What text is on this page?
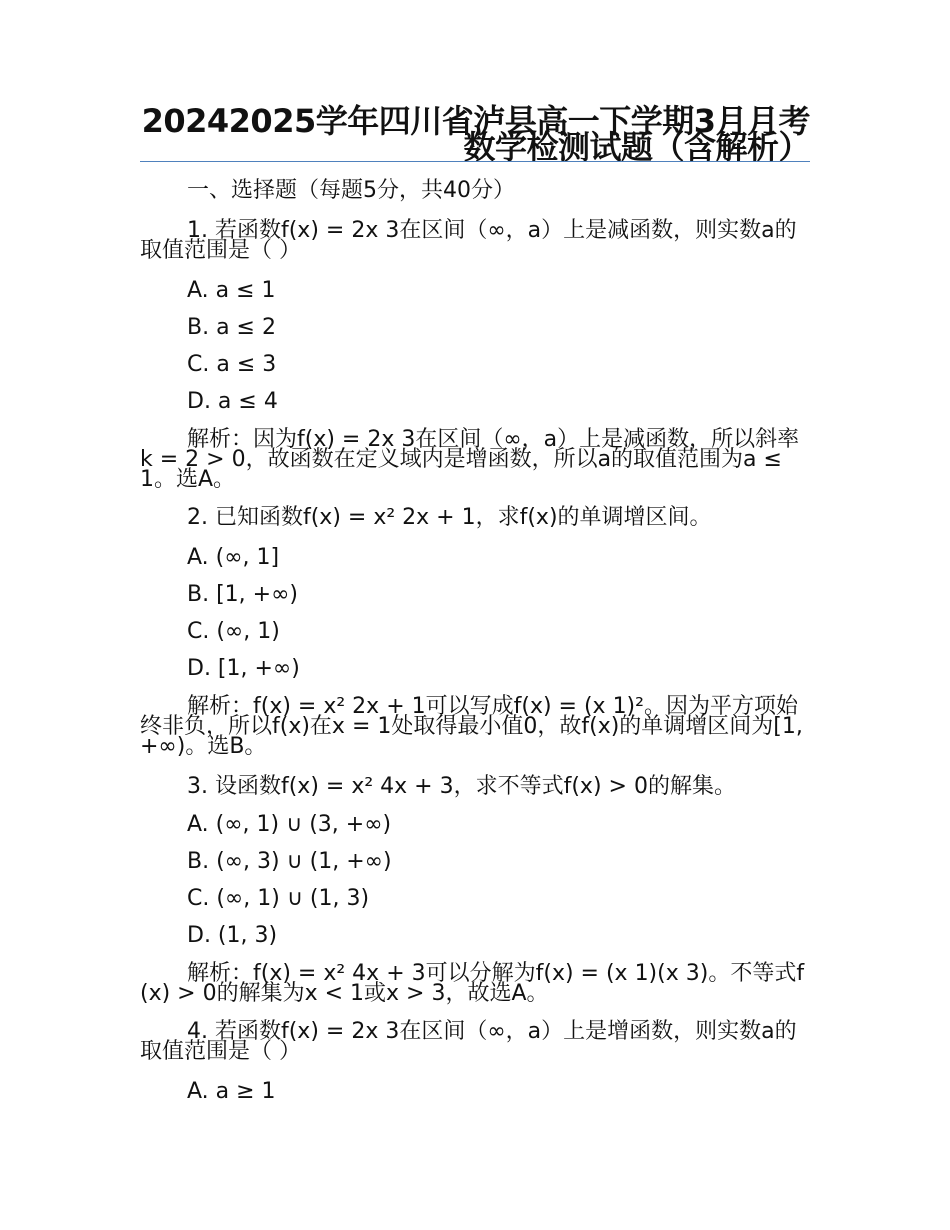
20242025学年四川省泸县高一下学期3月月考数学检测试题（含解析）
一、选择题（每题5分，共40分）
1. 若函数f(x) = 2x 3在区间（∞，a）上是减函数，则实数a的取值范围是（ ）
A. a ≤ 1
B. a ≤ 2
C. a ≤ 3
D. a ≤ 4
解析：因为f(x) = 2x 3在区间（∞，a）上是减函数，所以斜率k = 2 > 0，故函数在定义域内是增函数，所以a的取值范围为a ≤ 1。选A。
2. 已知函数f(x) = x² 2x + 1，求f(x)的单调增区间。
A. (∞, 1]
B. [1, +∞)
C. (∞, 1)
D. [1, +∞)
解析：f(x) = x² 2x + 1可以写成f(x) = (x 1)²。因为平方项始终非负，所以f(x)在x = 1处取得最小值0，故f(x)的单调增区间为[1, +∞)。选B。
3. 设函数f(x) = x² 4x + 3，求不等式f(x) > 0的解集。
A. (∞, 1) ∪ (3, +∞)
B. (∞, 3) ∪ (1, +∞)
C. (∞, 1) ∪ (1, 3)
D. (1, 3)
解析：f(x) = x² 4x + 3可以分解为f(x) = (x 1)(x 3)。不等式f(x) > 0的解集为x < 1或x > 3，故选A。
4. 若函数f(x) = 2x 3在区间（∞，a）上是增函数，则实数a的取值范围是（ ）
A. a ≥ 1
